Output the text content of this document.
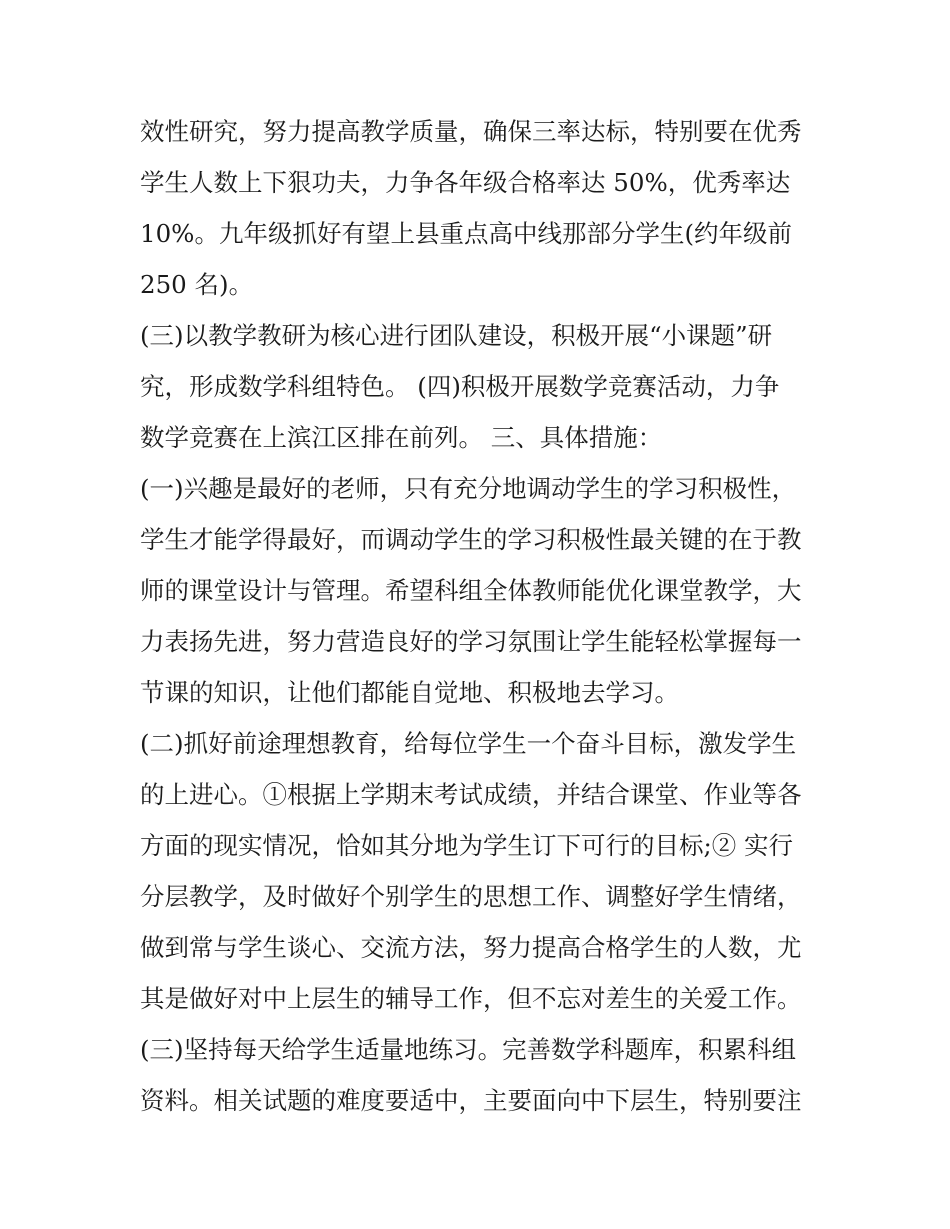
效性研究，努力提高教学质量，确保三率达标，特别要在优秀

学生人数上下狠功夫，力争各年级合格率达 50%，优秀率达

10%。九年级抓好有望上县重点高中线那部分学生(约年级前

250 名)。

(三)以教学教研为核心进行团队建设，积极开展“小课题”研

究，形成数学科组特色。 (四)积极开展数学竞赛活动，力争

数学竞赛在上滨江区排在前列。 三、具体措施：

(一)兴趣是最好的老师，只有充分地调动学生的学习积极性，

学生才能学得最好，而调动学生的学习积极性最关键的在于教

师的课堂设计与管理。希望科组全体教师能优化课堂教学，大

力表扬先进，努力营造良好的学习氛围让学生能轻松掌握每一

节课的知识，让他们都能自觉地、积极地去学习。

(二)抓好前途理想教育，给每位学生一个奋斗目标，激发学生

的上进心。①根据上学期末考试成绩，并结合课堂、作业等各

方面的现实情况，恰如其分地为学生订下可行的目标;② 实行

分层教学，及时做好个别学生的思想工作、调整好学生情绪，

做到常与学生谈心、交流方法，努力提高合格学生的人数，尤

其是做好对中上层生的辅导工作，但不忘对差生的关爱工作。

(三)坚持每天给学生适量地练习。完善数学科题库，积累科组

资料。相关试题的难度要适中，主要面向中下层生，特别要注
